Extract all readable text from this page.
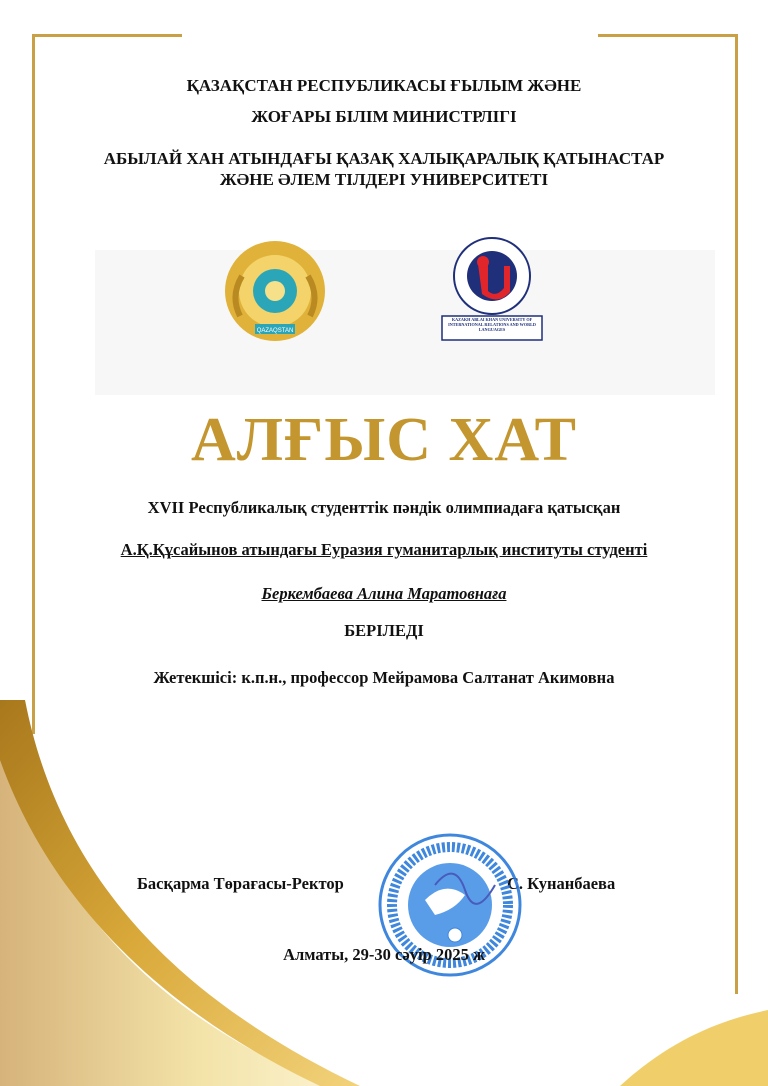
ҚАЗАҚСТАН РЕСПУБЛИКАСЫ ҒЫЛЫМ ЖӘНЕ
ЖОҒАРЫ БІЛІМ МИНИСТРЛІГІ
АБЫЛАЙ ХАН АТЫНДАҒЫ ҚАЗАҚ ХАЛЫҚАРАЛЫҚ ҚАТЫНАСТАР
ЖӘНЕ ӘЛЕМ ТІЛДЕРІ УНИВЕРСИТЕТІ
QAZAQSTAN
KAZAKH ABLAI KHAN UNIVERSITY OF INTERNATIONAL RELATIONS AND WORLD LANGUAGES
АЛҒЫС ХАТ
XVII Республикалық студенттік пәндік олимпиадаға қатысқан
А.Қ.Құсайынов атындағы Еуразия гуманитарлық институты студенті
Беркембаева Алина Маратовнаға
БЕРІЛЕДІ
Жетекшісі: к.п.н., профессор Мейрамова Салтанат Акимовна
Басқарма Төрағасы-Ректор	С. Кунанбаева
Алматы, 29-30 сәуір 2025 ж
